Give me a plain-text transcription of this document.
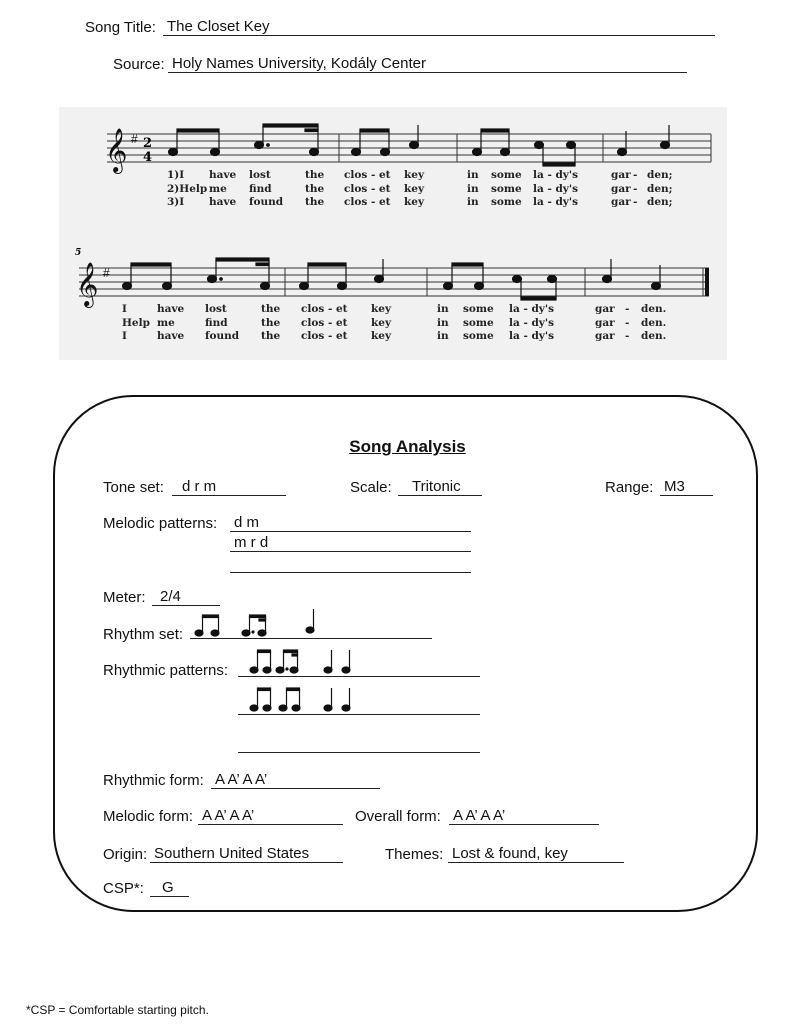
Song Title: The Closet Key
Source: Holy Names University, Kodály Center
𝄞 # 2
4
𝄞 #
5
1)I have lost	the clos - et key	in some la - dy's	gar - den;
2)Help me find	the clos - et key	in some la - dy's	gar - den;
3)I have found the clos - et key	in some la - dy's	gar - den;
I	have lost	the clos - et key	in some la - dy's	gar - den.
Help me	find	the clos - et key	in some la - dy's	gar - den.
I	have found the clos - et key	in some la - dy's	gar - den.
Song Analysis
Tone set:	d r m	Scale:	Tritonic	Range: M3
Melodic patterns: d m
m r d
Meter: 2/4
Rhythm set:
Rhythmic patterns:
Rhythmic form: A A’ A A’
Melodic form: A A’ A A’	Overall form: A A’ A A’
Origin: Southern United States	Themes: Lost & found, key
CSP*:	G
*CSP = Comfortable starting pitch.
